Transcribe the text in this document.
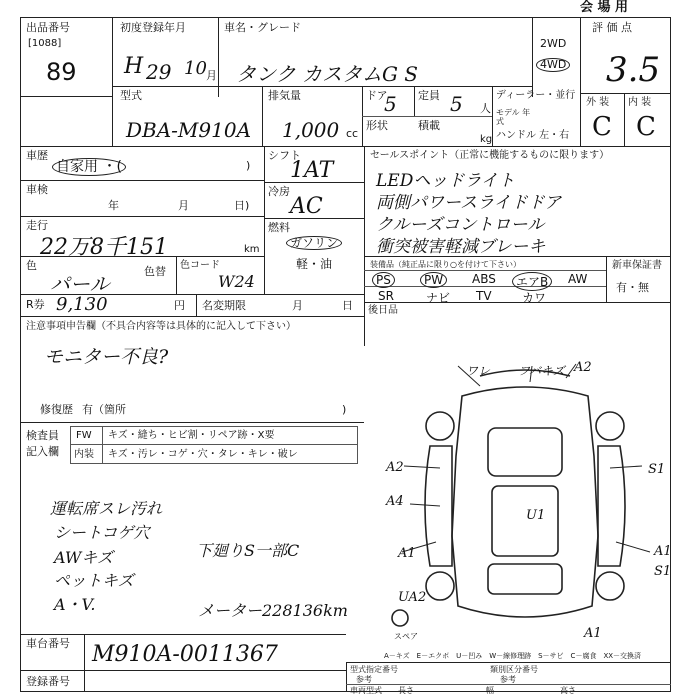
会 場 用
出品番号
[1088]
89
初度登録年月	車名・グレード
H 29 10 月 タンク カスタムG S
型式	排気量
DBA-M910A 1,000 cc
ドア
5 定員 5 人
形状	積載
kg
ディーラー・並行
モデル 年式
ハンドル 左・右
2WD
4WD
評 価 点
3.5
外 装 内 装
C C
車歴
自家用 ・(	)
車検
年	月	日)
走行
22万8千151	km
色
パール
色替 色コード
W24
シフト
1AT
冷房
AC
燃料
ガソリン
軽・油
セールスポイント（正常に機能するものに限ります）
LEDヘッドライト
両側パワースライドドア
クルーズコントロール
衝突被害軽減ブレーキ
装備品（純正品に限り○を付けて下さい）	新車保証書
有・無
PS	PW	ABS	エアB	AW
SR	ナビ TV	カワ
R券 9,130	円 名変期限	月	日 後日品
注意事項申告欄（不具合内容等は具体的に記入して下さい）
モニター不良?
修復歴 有（箇所	)
検査員
記入欄
FW キズ・縫ち・ヒビ割・リペア跡・X要
内装 キズ・汚レ・コゲ・穴・タレ・キレ・破レ
運転席スレ汚れ
シートコゲ穴
AWキズ
ペットキズ
A・V.
下廻りS一部C
メーター228136km
ワレ フバキズ A2
A2
A4
S1
U1
A1	A1
S1
UA2
A1
スペア
A－キズ　E－エクボ　U－凹み　W－線修理跡　S－サビ　C－腐食　XX－交換済
車台番号 M910A-0011367
登録番号
型式指定番号	類別区分番号
参考	参考
長さ	幅	高さ
車両型式
